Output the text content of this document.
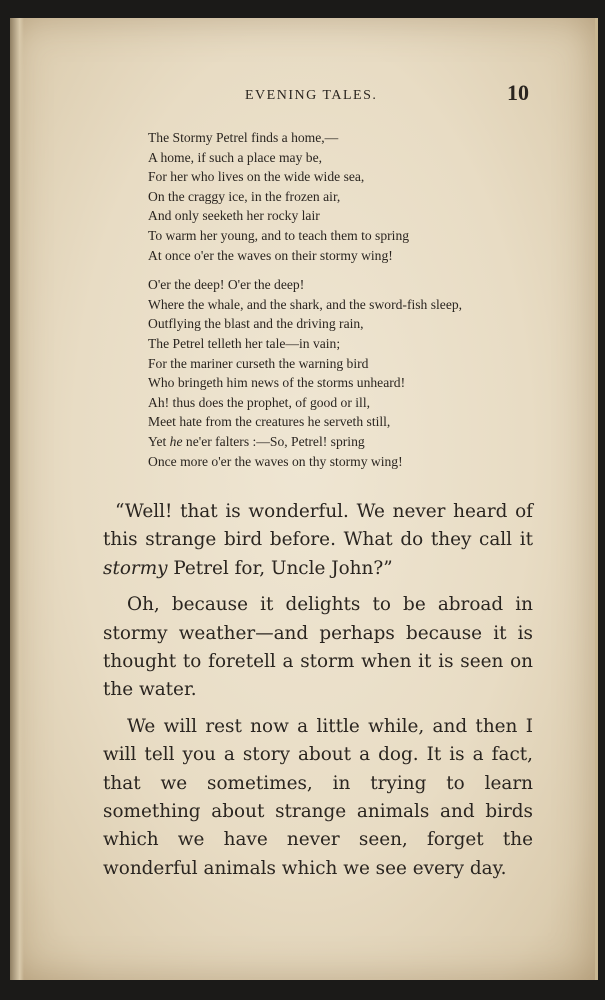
EVENING TALES.	10
The Stormy Petrel finds a home,—
A home, if such a place may be,
For her who lives on the wide wide sea,
On the craggy ice, in the frozen air,
And only seeketh her rocky lair
To warm her young, and to teach them to spring
At once o'er the waves on their stormy wing!
O'er the deep! O'er the deep!
Where the whale, and the shark, and the sword-fish sleep,
Outflying the blast and the driving rain,
The Petrel telleth her tale—in vain;
For the mariner curseth the warning bird
Who bringeth him news of the storms unheard!
Ah! thus does the prophet, of good or ill,
Meet hate from the creatures he serveth still,
Yet he ne'er falters :—So, Petrel! spring
Once more o'er the waves on thy stormy wing!

“Well! that is wonderful. We never heard of this strange bird before. What do they call it stormy Petrel for, Uncle John?”

Oh, because it delights to be abroad in stormy weather—and perhaps because it is thought to foretell a storm when it is seen on the water.

We will rest now a little while, and then I will tell you a story about a dog. It is a fact, that we sometimes, in trying to learn something about strange animals and birds which we have never seen, forget the wonderful animals which we see every day.
